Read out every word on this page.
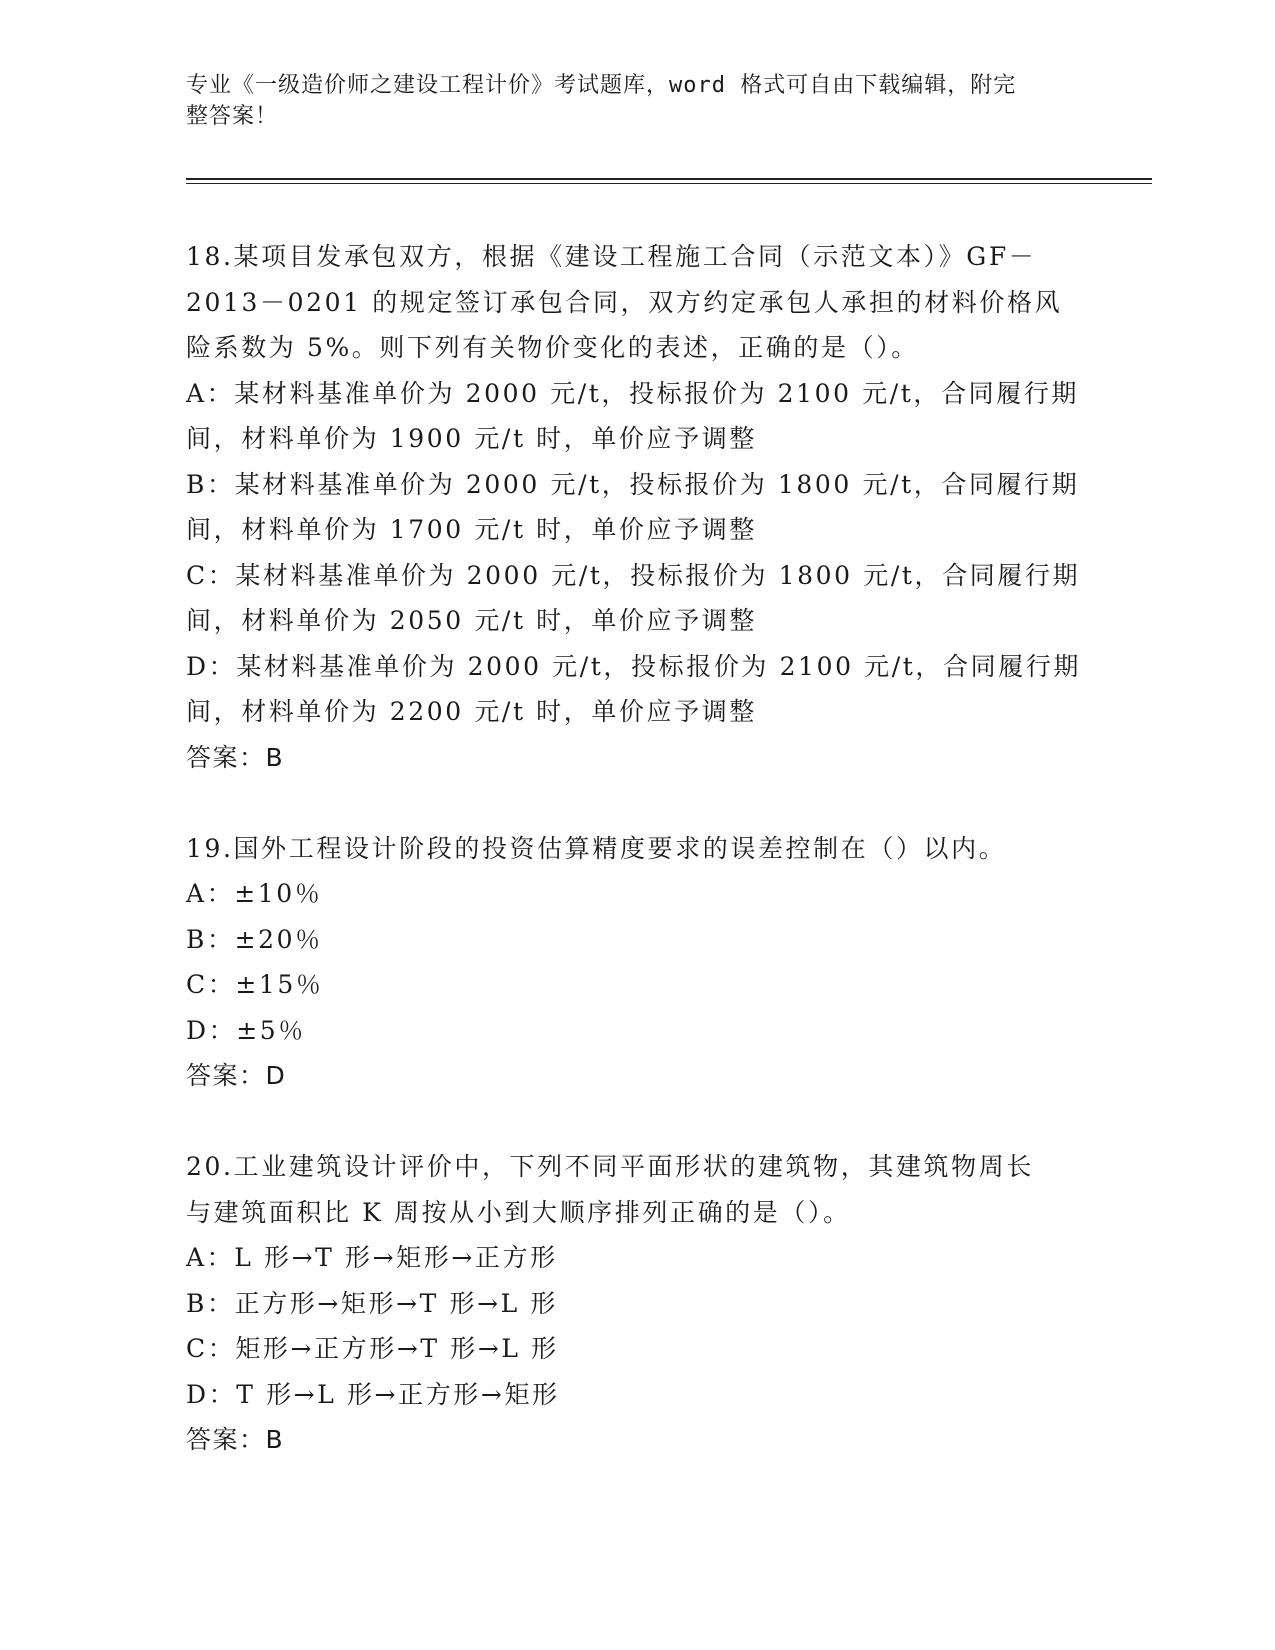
专业《一级造价师之建设工程计价》考试题库，word 格式可自由下载编辑，附完
整答案！
18.某项目发承包双方，根据《建设工程施工合同（示范文本）》GF－
2013－0201 的规定签订承包合同，双方约定承包人承担的材料价格风
险系数为 5%。则下列有关物价变化的表述，正确的是（）。
A：某材料基准单价为 2000 元/t，投标报价为 2100 元/t，合同履行期
间，材料单价为 1900 元/t 时，单价应予调整
B：某材料基准单价为 2000 元/t，投标报价为 1800 元/t，合同履行期
间，材料单价为 1700 元/t 时，单价应予调整
C：某材料基准单价为 2000 元/t，投标报价为 1800 元/t，合同履行期
间，材料单价为 2050 元/t 时，单价应予调整
D：某材料基准单价为 2000 元/t，投标报价为 2100 元/t，合同履行期
间，材料单价为 2200 元/t 时，单价应予调整
答案：B
19.国外工程设计阶段的投资估算精度要求的误差控制在（）以内。
A：±10％
B：±20％
C：±15％
D：±5％
答案：D
20.工业建筑设计评价中，下列不同平面形状的建筑物，其建筑物周长
与建筑面积比 K 周按从小到大顺序排列正确的是（）。
A：L 形→T 形→矩形→正方形
B：正方形→矩形→T 形→L 形
C：矩形→正方形→T 形→L 形
D：T 形→L 形→正方形→矩形
答案：B
